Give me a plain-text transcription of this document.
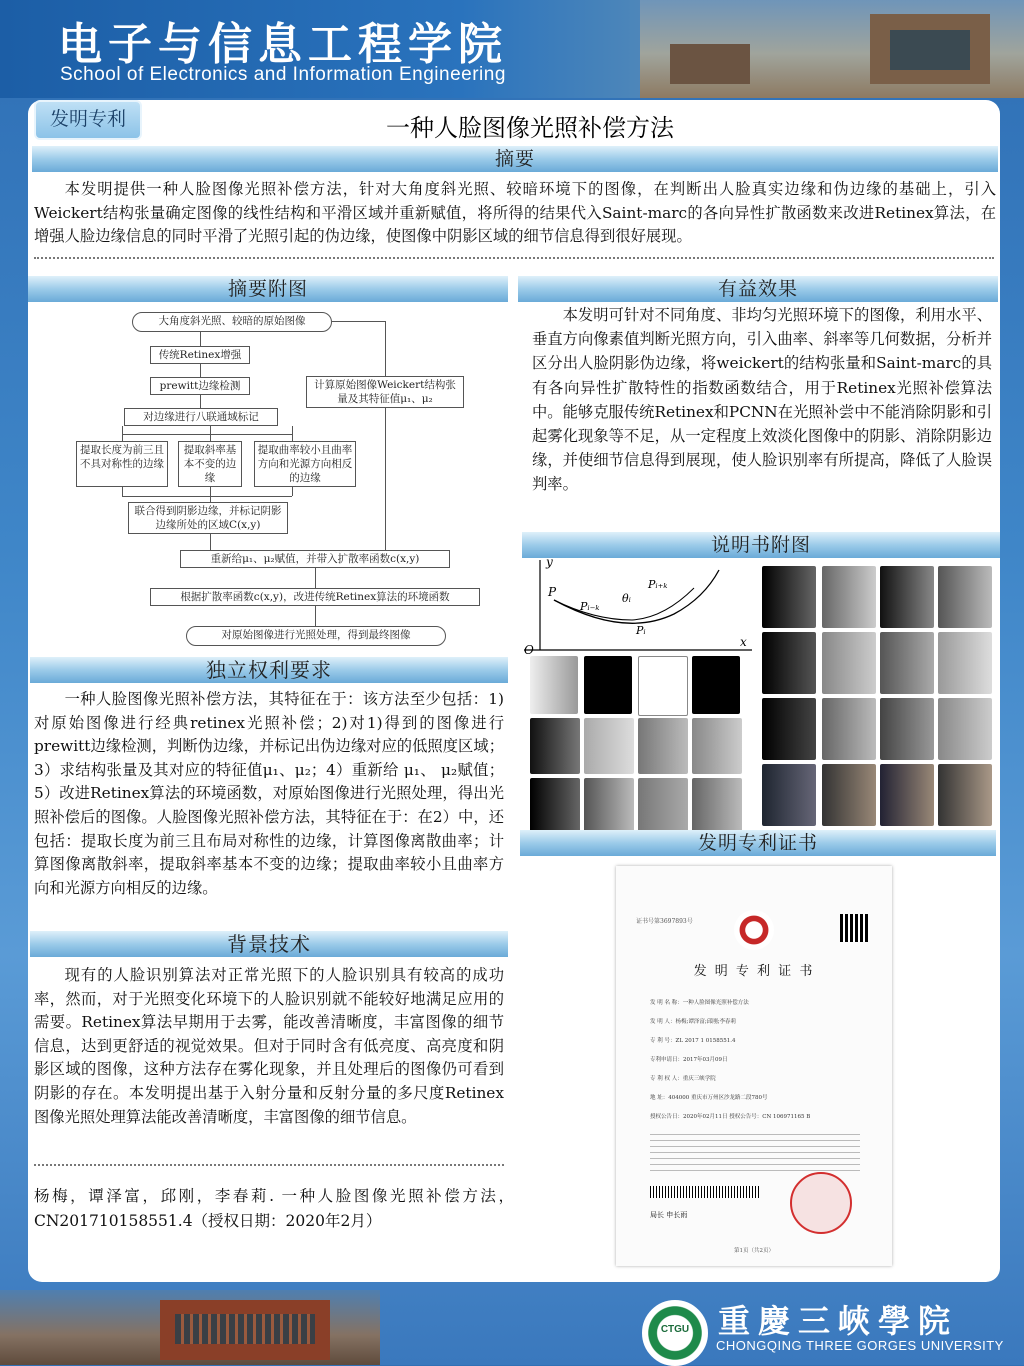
电子与信息工程学院
School of Electronics and Information Engineering
发明专利	一种人脸图像光照补偿方法
摘要
本发明提供一种人脸图像光照补偿方法，针对大角度斜光照、较暗环境下的图像，在判断出人脸真实边缘和伪边缘的基础上，引入Weickert结构张量确定图像的线性结构和平滑区域并重新赋值，将所得的结果代入Saint-marc的各向异性扩散函数来改进Retinex算法，在增强人脸边缘信息的同时平滑了光照引起的伪边缘，使图像中阴影区域的细节信息得到很好展现。
摘要附图
大角度斜光照、较暗的原始图像
传统Retinex增强
prewitt边缘检测	计算原始图像Weickert结构张量及其特征值μ₁、μ₂
对边缘进行八联通域标记
提取长度为前三且不具对称性的边缘
提取斜率基本不变的边缘
提取曲率较小且曲率方向和光源方向相反的边缘
联合得到阴影边缘，并标记阴影边缘所处的区域C(x,y)
重新给μ₁、μ₂赋值，并带入扩散率函数c(x,y)
根据扩散率函数c(x,y)，改进传统Retinex算法的环境函数
对原始图像进行光照处理，得到最终图像
独立权利要求
一种人脸图像光照补偿方法，其特征在于：该方法至少包括：1)对原始图像进行经典retinex光照补偿；2)对1)得到的图像进行prewitt边缘检测，判断伪边缘，并标记出伪边缘对应的低照度区域；3）求结构张量及其对应的特征值μ₁、μ₂；4）重新给 μ₁、 μ₂赋值；5）改进Retinex算法的环境函数，对原始图像进行光照处理，得出光照补偿后的图像。人脸图像光照补偿方法，其特征在于：在2）中，还包括：提取长度为前三且布局对称性的边缘，计算图像离散曲率；计算图像离散斜率，提取斜率基本不变的边缘；提取曲率较小且曲率方向和光源方向相反的边缘。
背景技术
现有的人脸识别算法对正常光照下的人脸识别具有较高的成功率，然而，对于光照变化环境下的人脸识别就不能较好地满足应用的需要。Retinex算法早期用于去雾，能改善清晰度，丰富图像的细节信息，达到更舒适的视觉效果。但对于同时含有低亮度、高亮度和阴影区域的图像，这种方法存在雾化现象，并且处理后的图像仍可看到阴影的存在。本发明提出基于入射分量和反射分量的多尺度Retinex图像光照处理算法能改善清晰度，丰富图像的细节信息。
杨梅，谭泽富，邱刚，李春莉. 一种人脸图像光照补偿方法，CN201710158551.4（授权日期：2020年2月）
有益效果
本发明可针对不同角度、非均匀光照环境下的图像，利用水平、垂直方向像素值判断光照方向，引入曲率、斜率等几何数据，分析并区分出人脸阴影伪边缘，将weickert的结构张量和Saint-marc的具有各向异性扩散特性的指数函数结合，用于Retinex光照补偿算法中。能够克服传统Retinex和PCNN在光照补尝中不能消除阴影和引起雾化现象等不足，从一定程度上效淡化图像中的阴影、消除阴影边缘，并使细节信息得到展现，使人脸识别率有所提高，降低了人脸误判率。
说明书附图
y
x
O
P
Pᵢ₋ₖ
Pᵢ₊ₖ
Pᵢ
θᵢ
发明专利证书
证书号第3697893号
发 明 专 利 证 书
发 明 名 称：一种人脸图像光照补偿方法
发 明 人：杨梅;谭泽富;邱刚;李春莉
专 利 号：ZL 2017 1 0158551.4
专利申请日：2017年03月09日
专 利 权 人：重庆三峡学院
地 址：404000 重庆市万州区沙龙路二段780号
授权公告日：2020年02月11日 授权公告号：CN 106971165 B
局长 申长雨
第1页（共2页）
CTGU 重慶三峽學院
CHONGQING THREE GORGES UNIVERSITY
